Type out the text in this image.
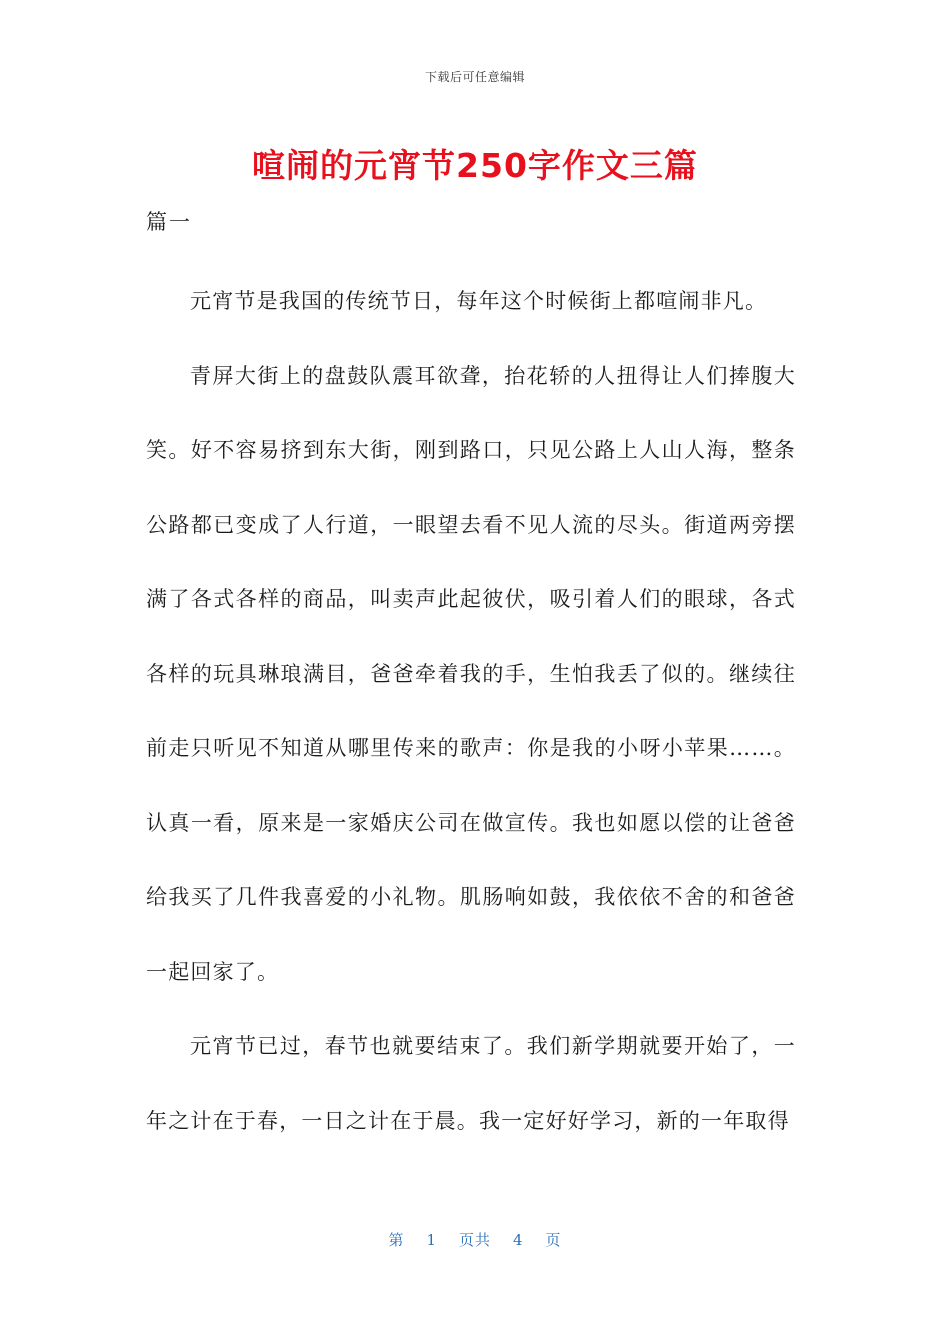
下载后可任意编辑
喧闹的元宵节250字作文三篇
篇一

元宵节是我国的传统节日，每年这个时候街上都喧闹非凡。

青屏大街上的盘鼓队震耳欲聋，抬花轿的人扭得让人们捧腹大笑。好不容易挤到东大街，刚到路口，只见公路上人山人海，整条公路都已变成了人行道，一眼望去看不见人流的尽头。街道两旁摆满了各式各样的商品，叫卖声此起彼伏，吸引着人们的眼球，各式各样的玩具琳琅满目，爸爸牵着我的手，生怕我丢了似的。继续往前走只听见不知道从哪里传来的歌声：你是我的小呀小苹果……。认真一看，原来是一家婚庆公司在做宣传。我也如愿以偿的让爸爸给我买了几件我喜爱的小礼物。肌肠响如鼓，我依依不舍的和爸爸一起回家了。

元宵节已过，春节也就要结束了。我们新学期就要开始了，一年之计在于春，一日之计在于晨。我一定好好学习，新的一年取得

第 1 页共 4 页
